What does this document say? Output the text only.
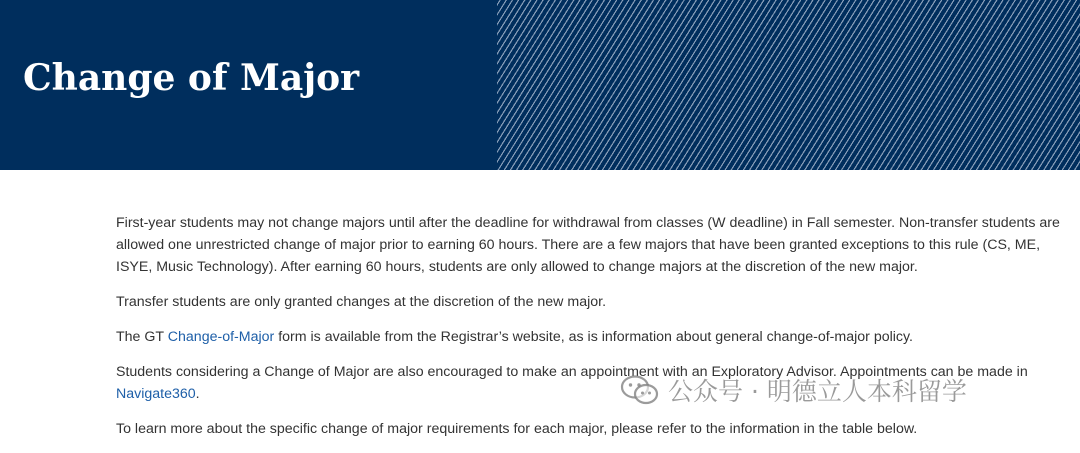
Change of Major

First-year students may not change majors until after the deadline for withdrawal from classes (W deadline) in Fall semester. Non-transfer students are allowed one unrestricted change of major prior to earning 60 hours. There are a few majors that have been granted exceptions to this rule (CS, ME, ISYE, Music Technology). After earning 60 hours, students are only allowed to change majors at the discretion of the new major.

Transfer students are only granted changes at the discretion of the new major.

The GT Change-of-Major form is available from the Registrar’s website, as is information about general change-of-major policy.

Students considering a Change of Major are also encouraged to make an appointment with an Exploratory Advisor. Appointments can be made in Navigate360.

To learn more about the specific change of major requirements for each major, please refer to the information in the table below.

公众号 · 明德立人本科留学
